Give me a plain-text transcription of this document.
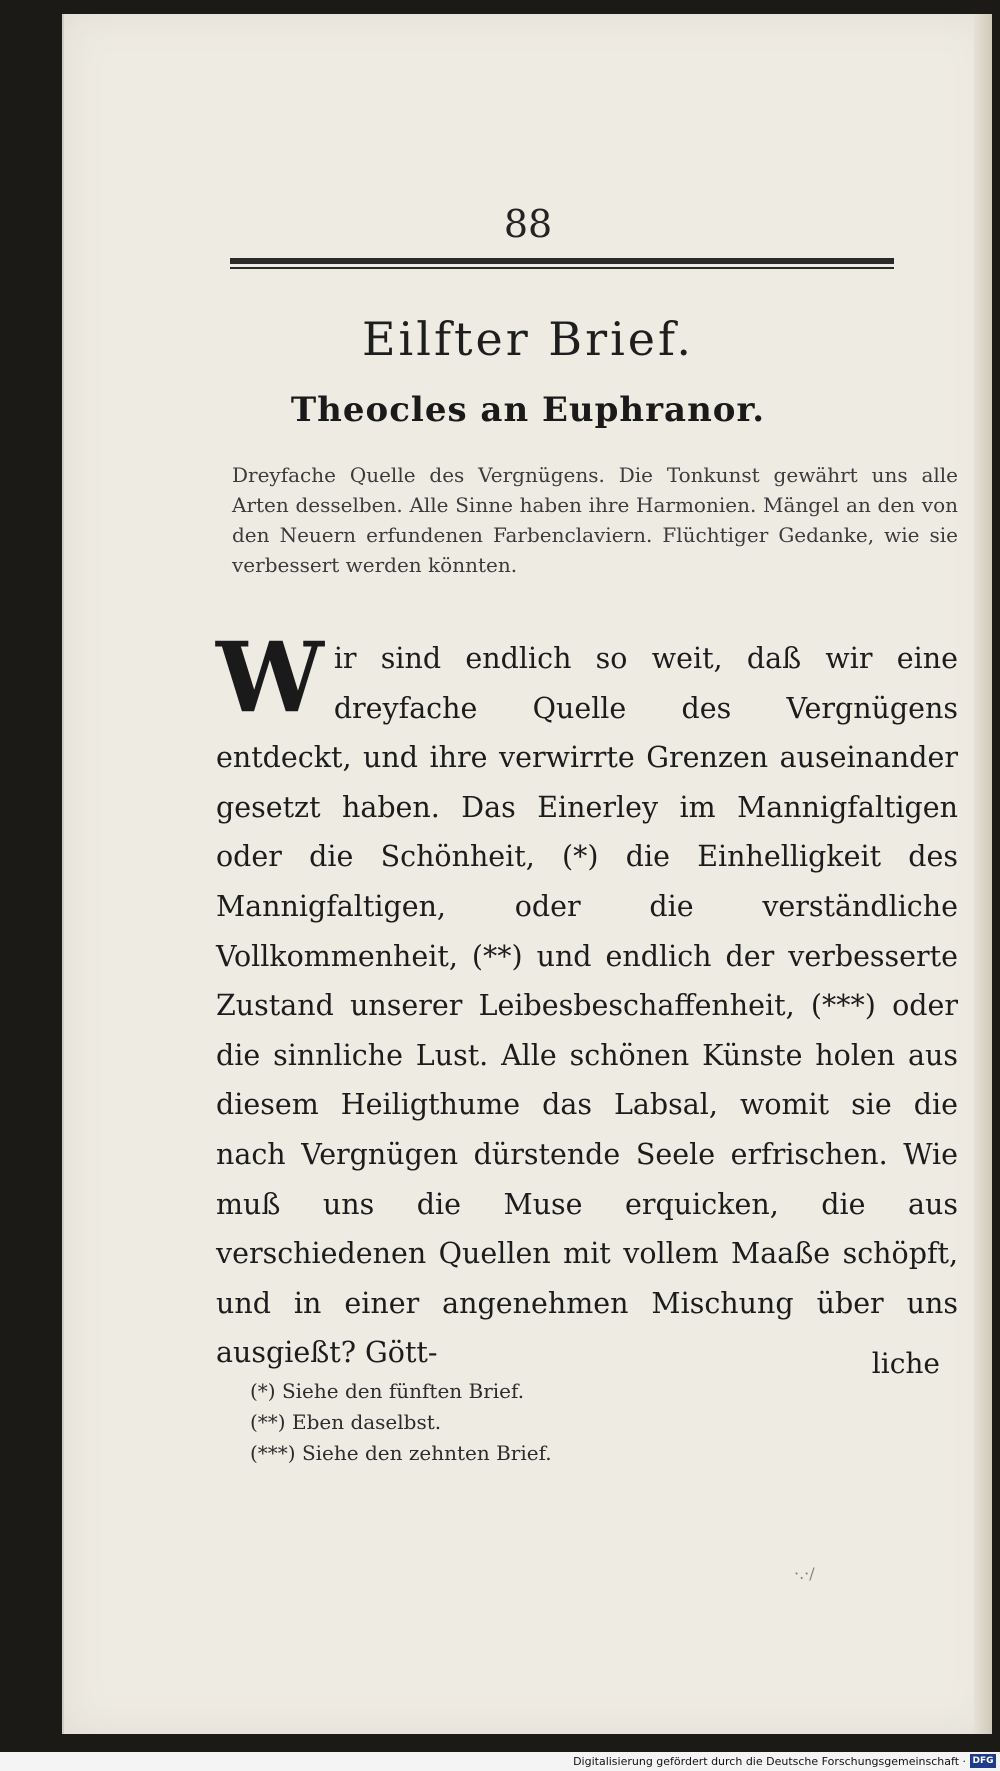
88
Eilfter Brief.
Theocles an Euphranor.
Dreyfache Quelle des Vergnügens. Die Tonkunst gewährt uns alle Arten desselben. Alle Sinne haben ihre Harmonien. Mängel an den von den Neuern erfundenen Farbenclaviern. Flüchtiger Gedanke, wie sie verbessert werden könnten.
Wir sind endlich so weit, daß wir eine dreyfache Quelle des Vergnügens entdeckt, und ihre verwirrte Grenzen auseinander gesetzt haben. Das Einerley im Mannigfaltigen oder die Schönheit, (*) die Einhelligkeit des Mannigfaltigen, oder die verständliche Vollkommenheit, (**) und endlich der verbesserte Zustand unserer Leibesbeschaffenheit, (***) oder die sinnliche Lust. Alle schönen Künste holen aus diesem Heiligthume das Labsal, womit sie die nach Vergnügen dürstende Seele erfrischen. Wie muß uns die Muse erquicken, die aus verschiedenen Quellen mit vollem Maaße schöpft, und in einer angenehmen Mischung über uns ausgießt? Gött-	liche
(*) Siehe den fünften Brief.
(**) Eben daselbst.
(***) Siehe den zehnten Brief.
·.·/
Digitalisierung gefördert durch die Deutsche Forschungsgemeinschaft · DFG
